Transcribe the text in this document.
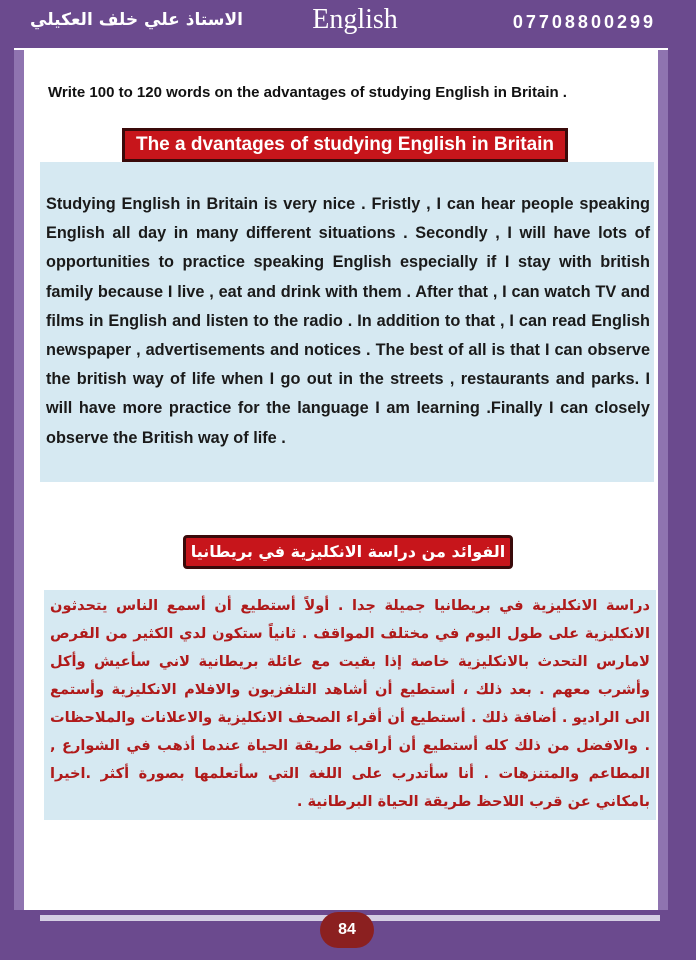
الاستاذ علي خلف العكيلي	English	07708800299
Write 100 to 120 words on the advantages of studying English in Britain .
The a dvantages of studying English in Britain
Studying English in Britain is very nice . Fristly , I can hear people speaking English all day in many different situations . Secondly , I will have lots of opportunities to practice speaking English especially if I stay with british family because I live , eat and drink with them . After that , I can watch TV and films in English and listen to the radio . In addition to that , I can read English newspaper , advertisements and notices . The best of all is that I can observe the british way of life when I go out in the streets , restaurants and parks. I will have more practice for the language I am learning .Finally I can closely observe the British way of life .
الفوائد من دراسة الانكليزية في بريطانيا
دراسة الانكليزية في بريطانيا جميلة جدا . أولاً أستطيع أن أسمع الناس يتحدثون الانكليزية على طول اليوم في مختلف المواقف . ثانياً ستكون لدي الكثير من الفرص لامارس التحدث بالانكليزية خاصة إذا بقيت مع عائلة بريطانية لاني سأعيش وأكل وأشرب معهم . بعد ذلك ، أستطيع أن أشاهد التلفزيون والافلام الانكليزية وأستمع الى الراديو . أضافة ذلك . أستطيع أن أقراء الصحف الانكليزية والاعلانات والملاحظات . والافضل من ذلك كله أستطيع أن أراقب طريقة الحياة عندما أذهب في الشوارع , المطاعم والمتنزهات . أنا سأتدرب على اللغة التي سأتعلمها بصورة أكثر .اخيرا بامكاني عن قرب اللاحظ طريقة الحياة البرطانية .
84
